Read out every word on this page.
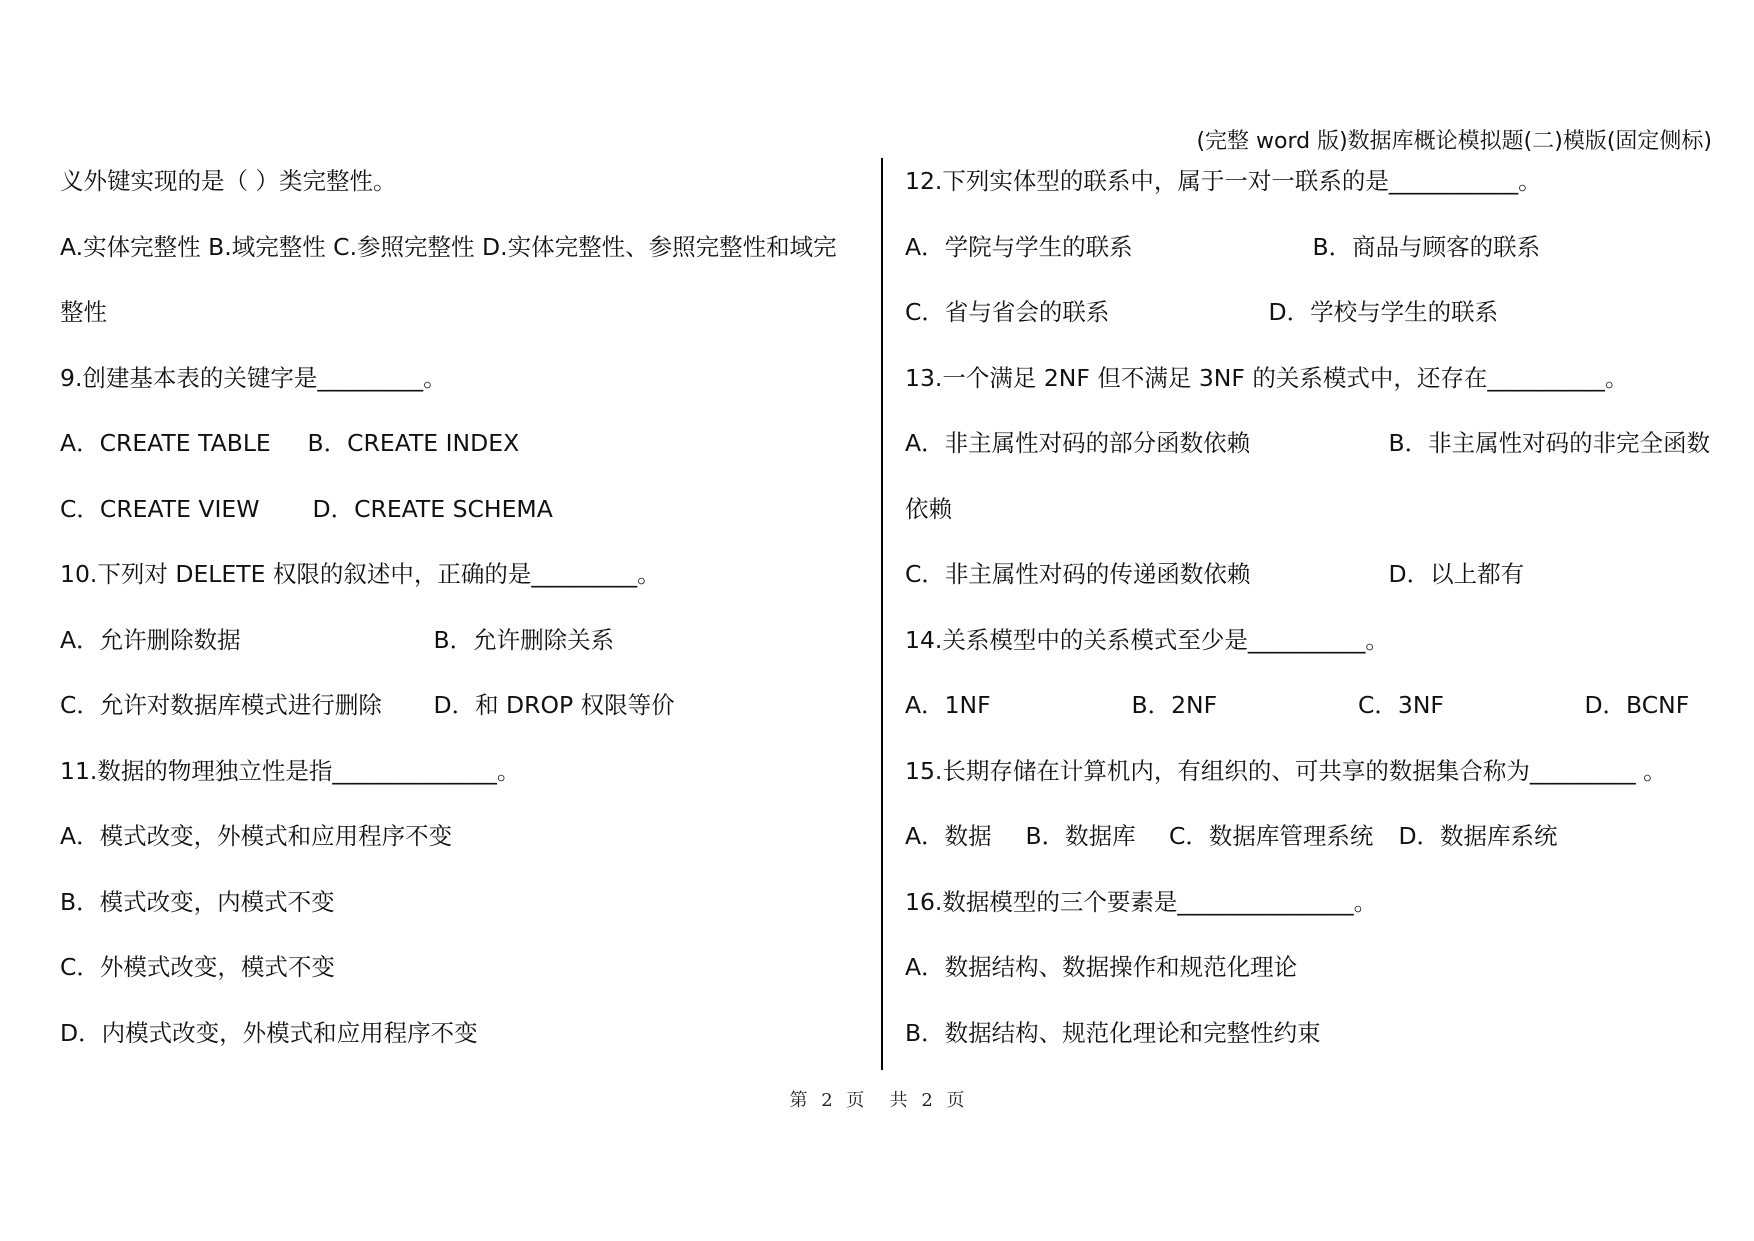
(完整 word 版)数据库概论模拟题(二)模版(固定侧标)
义外键实现的是（ ）类完整性。
A.实体完整性 B.域完整性 C.参照完整性 D.实体完整性、参照完整性和域完
整性
9.创建基本表的关键字是_________。
A．CREATE TABLE B．CREATE INDEX
C．CREATE VIEW D．CREATE SCHEMA
10.下列对 DELETE 权限的叙述中，正确的是_________。
A．允许删除数据	B．允许删除关系
C．允许对数据库模式进行删除 D．和 DROP 权限等价
11.数据的物理独立性是指______________。
A．模式改变，外模式和应用程序不变
B．模式改变，内模式不变
C．外模式改变，模式不变
D．内模式改变，外模式和应用程序不变
12.下列实体型的联系中，属于一对一联系的是___________。
A．学院与学生的联系	B．商品与顾客的联系
C．省与省会的联系	D．学校与学生的联系
13.一个满足 2NF 但不满足 3NF 的关系模式中，还存在__________。
A．非主属性对码的部分函数依赖	B．非主属性对码的非完全函数
依赖
C．非主属性对码的传递函数依赖	D．以上都有
14.关系模型中的关系模式至少是__________。
A．1NF	B．2NF	C．3NF	D．BCNF
15.长期存储在计算机内，有组织的、可共享的数据集合称为_________ 。
A．数据 B．数据库 C．数据库管理系统 D．数据库系统
16.数据模型的三个要素是_______________。
A．数据结构、数据操作和规范化理论
B．数据结构、规范化理论和完整性约束
第 2 页 共 2 页
